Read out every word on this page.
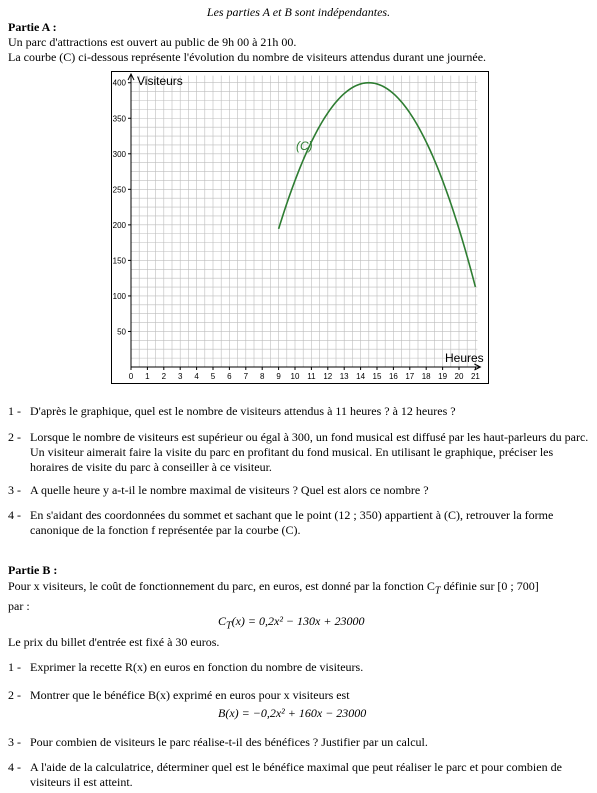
Les parties A et B sont indépendantes.
Partie A :
Un parc d'attractions est ouvert au public de 9h 00 à 21h 00.
La courbe (C) ci-dessous représente l'évolution du nombre de visiteurs attendus durant une journée.
0 1 2 3 4 5 6 7 8 9 10 11 12 13 14 15 16 17 18 19 20 21
50
100
150
200
250
300
350
400 Visiteurs
Heures
(C)
1 - D'après le graphique, quel est le nombre de visiteurs attendus à 11 heures ? à 12 heures ?
2 - Lorsque le nombre de visiteurs est supérieur ou égal à 300, un fond musical est diffusé par les haut-parleurs du parc. Un visiteur aimerait faire la visite du parc en profitant du fond musical. En utilisant le graphique, préciser les horaires de visite du parc à conseiller à ce visiteur.
3 - A quelle heure y a-t-il le nombre maximal de visiteurs ? Quel est alors ce nombre ?
4 - En s'aidant des coordonnées du sommet et sachant que le point (12 ; 350) appartient à (C), retrouver la forme canonique de la fonction f représentée par la courbe (C).
Partie B :
Pour x visiteurs, le coût de fonctionnement du parc, en euros, est donné par la fonction $C_T$ définie sur [0 ; 700]
par :
$C_T(x) = 0,2x^2 - 130x + 23000$
Le prix du billet d'entrée est fixé à 30 euros.
1 - Exprimer la recette R(x) en euros en fonction du nombre de visiteurs.
2 - Montrer que le bénéfice B(x) exprimé en euros pour x visiteurs est
B(x) = −0,2x² + 160x − 23000
3 - Pour combien de visiteurs le parc réalise-t-il des bénéfices ? Justifier par un calcul.
4 - A l'aide de la calculatrice, déterminer quel est le bénéfice maximal que peut réaliser le parc et pour combien de visiteurs il est atteint.
